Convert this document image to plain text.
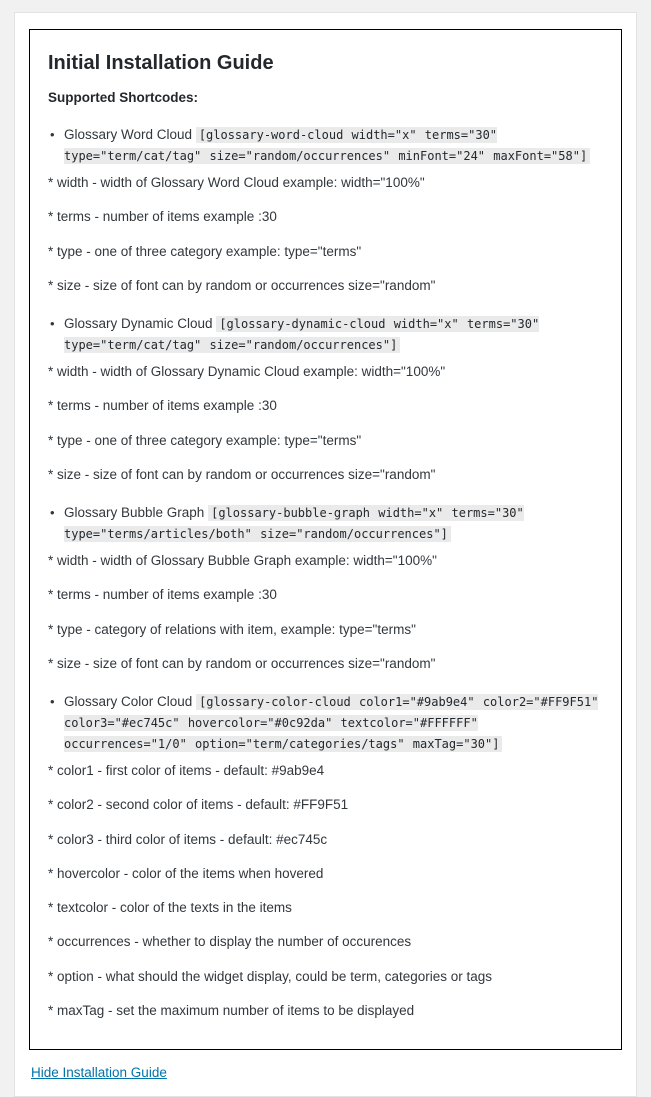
Initial Installation Guide
Supported Shortcodes:
• Glossary Word Cloud [glossary-word-cloud width="x" terms="30" type="term/cat/tag" size="random/occurrences" minFont="24" maxFont="58"]

* width - width of Glossary Word Cloud example: width="100%"

* terms - number of items example :30

* type - one of three category example: type="terms"

* size - size of font can by random or occurrences size="random"

• Glossary Dynamic Cloud [glossary-dynamic-cloud width="x" terms="30" type="term/cat/tag" size="random/occurrences"]

* width - width of Glossary Dynamic Cloud example: width="100%"

* terms - number of items example :30

* type - one of three category example: type="terms"

* size - size of font can by random or occurrences size="random"

• Glossary Bubble Graph [glossary-bubble-graph width="x" terms="30" type="terms/articles/both" size="random/occurrences"]

* width - width of Glossary Bubble Graph example: width="100%"

* terms - number of items example :30

* type - category of relations with item, example: type="terms"

* size - size of font can by random or occurrences size="random"

• Glossary Color Cloud [glossary-color-cloud color1="#9ab9e4" color2="#FF9F51" color3="#ec745c" hovercolor="#0c92da" textcolor="#FFFFFF" occurrences="1/0" option="term/categories/tags" maxTag="30"]

* color1 - first color of items - default: #9ab9e4

* color2 - second color of items - default: #FF9F51

* color3 - third color of items - default: #ec745c

* hovercolor - color of the items when hovered

* textcolor - color of the texts in the items

* occurrences - whether to display the number of occurences

* option - what should the widget display, could be term, categories or tags

* maxTag - set the maximum number of items to be displayed

Hide Installation Guide
